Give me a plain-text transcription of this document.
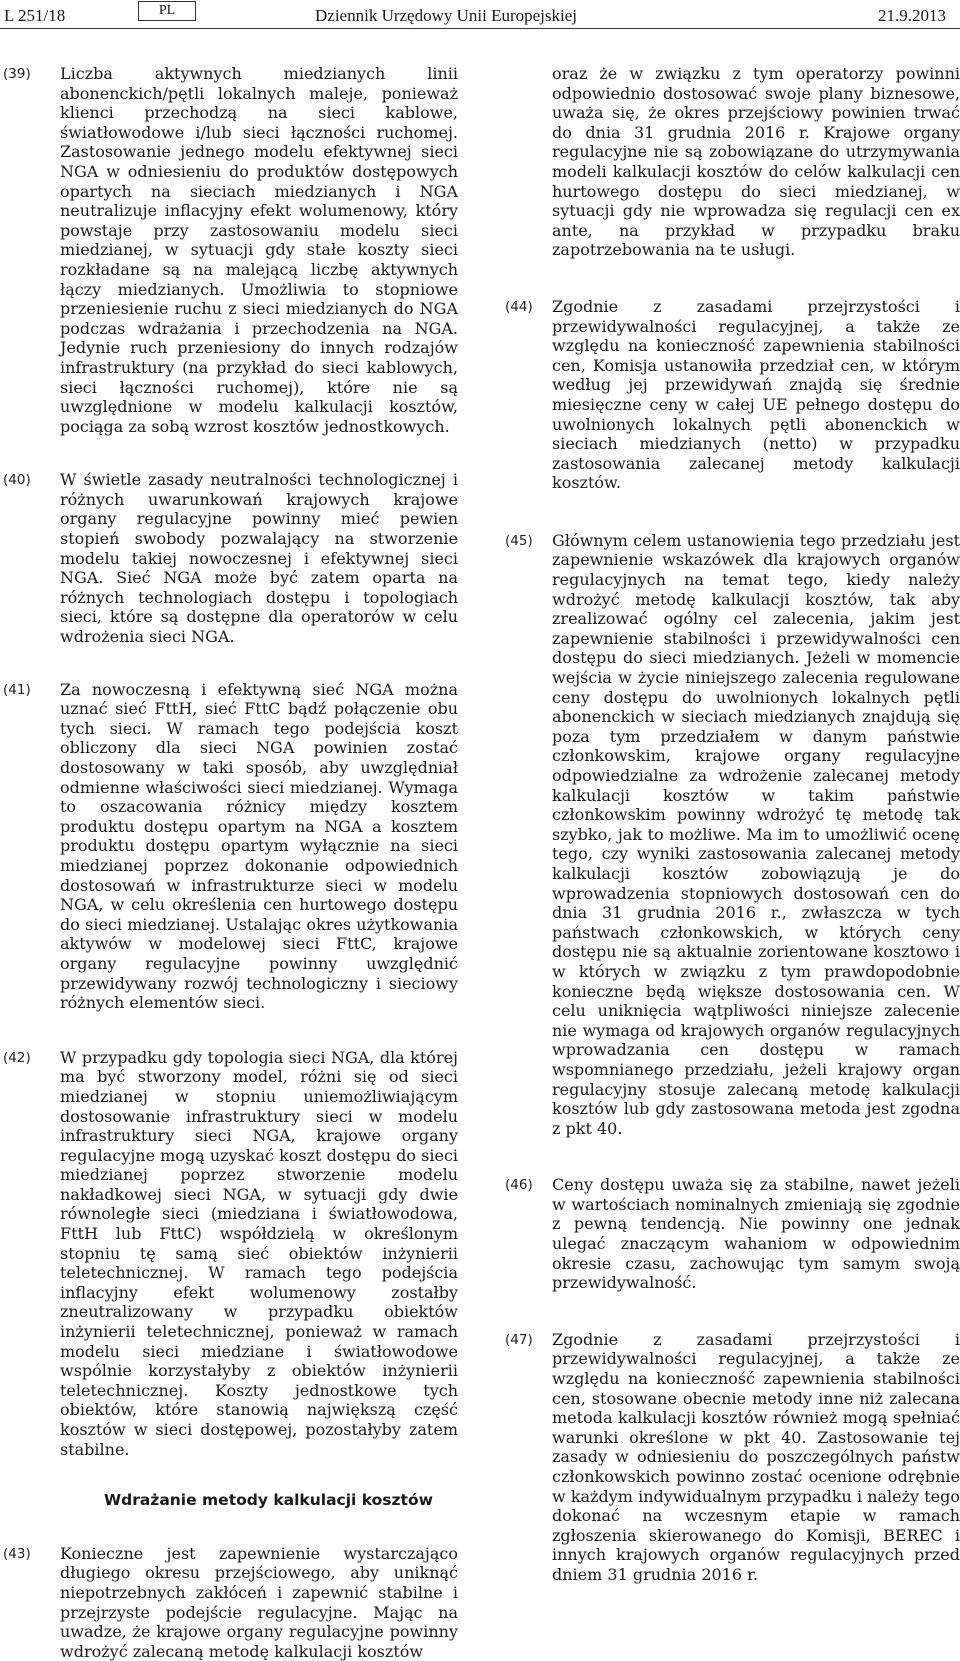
L 251/18	PL	Dziennik Urzędowy Unii Europejskiej	21.9.2013

(39) Liczba aktywnych miedzianych linii abonenckich/pętli lokalnych maleje, ponieważ klienci przechodzą na sieci kablowe, światłowodowe i/lub sieci łączności ruchomej. Zastosowanie jednego modelu efektywnej sieci NGA w odniesieniu do produktów dostępowych opartych na sieciach miedzianych i NGA neutralizuje inflacyjny efekt wolumenowy, który powstaje przy zastosowaniu modelu sieci miedzianej, w sytuacji gdy stałe koszty sieci rozkładane są na malejącą liczbę aktywnych łączy miedzianych. Umożliwia to stopniowe przeniesienie ruchu z sieci miedzianych do NGA podczas wdrażania i przechodzenia na NGA. Jedynie ruch przeniesiony do innych rodzajów infrastruktury (na przykład do sieci kablowych, sieci łączności ruchomej), które nie są uwzględnione w modelu kalkulacji kosztów, pociąga za sobą wzrost kosztów jednostkowych.

(40) W świetle zasady neutralności technologicznej i różnych uwarunkowań krajowych krajowe organy regulacyjne powinny mieć pewien stopień swobody pozwalający na stworzenie modelu takiej nowoczesnej i efektywnej sieci NGA. Sieć NGA może być zatem oparta na różnych technologiach dostępu i topologiach sieci, które są dostępne dla operatorów w celu wdrożenia sieci NGA.

(41) Za nowoczesną i efektywną sieć NGA można uznać sieć FttH, sieć FttC bądź połączenie obu tych sieci. W ramach tego podejścia koszt obliczony dla sieci NGA powinien zostać dostosowany w taki sposób, aby uwzględniał odmienne właściwości sieci miedzianej. Wymaga to oszacowania różnicy między kosztem produktu dostępu opartym na NGA a kosztem produktu dostępu opartym wyłącznie na sieci miedzianej poprzez dokonanie odpowiednich dostosowań w infrastrukturze sieci w modelu NGA, w celu określenia cen hurtowego dostępu do sieci miedzianej. Ustalając okres użytkowania aktywów w modelowej sieci FttC, krajowe organy regulacyjne powinny uwzględnić przewidywany rozwój technologiczny i sieciowy różnych elementów sieci.

(42) W przypadku gdy topologia sieci NGA, dla której ma być stworzony model, różni się od sieci miedzianej w stopniu uniemożliwiającym dostosowanie infrastruktury sieci w modelu infrastruktury sieci NGA, krajowe organy regulacyjne mogą uzyskać koszt dostępu do sieci miedzianej poprzez stworzenie modelu nakładkowej sieci NGA, w sytuacji gdy dwie równoległe sieci (miedziana i światłowodowa, FttH lub FttC) współdzielą w określonym stopniu tę samą sieć obiektów inżynierii teletechnicznej. W ramach tego podejścia inflacyjny efekt wolumenowy zostałby zneutralizowany w przypadku obiektów inżynierii teletechnicznej, ponieważ w ramach modelu sieci miedziane i światłowodowe wspólnie korzystałyby z obiektów inżynierii teletechnicznej. Koszty jednostkowe tych obiektów, które stanowią największą część kosztów w sieci dostępowej, pozostałyby zatem stabilne.

Wdrażanie metody kalkulacji kosztów

(43) Konieczne jest zapewnienie wystarczająco długiego okresu przejściowego, aby uniknąć niepotrzebnych zakłóceń i zapewnić stabilne i przejrzyste podejście regulacyjne. Mając na uwadze, że krajowe organy regulacyjne powinny wdrożyć zalecaną metodę kalkulacji kosztów

oraz że w związku z tym operatorzy powinni odpowiednio dostosować swoje plany biznesowe, uważa się, że okres przejściowy powinien trwać do dnia 31 grudnia 2016 r. Krajowe organy regulacyjne nie są zobowiązane do utrzymywania modeli kalkulacji kosztów do celów kalkulacji cen hurtowego dostępu do sieci miedzianej, w sytuacji gdy nie wprowadza się regulacji cen ex ante, na przykład w przypadku braku zapotrzebowania na te usługi.

(44) Zgodnie z zasadami przejrzystości i przewidywalności regulacyjnej, a także ze względu na konieczność zapewnienia stabilności cen, Komisja ustanowiła przedział cen, w którym według jej przewidywań znajdą się średnie miesięczne ceny w całej UE pełnego dostępu do uwolnionych lokalnych pętli abonenckich w sieciach miedzianych (netto) w przypadku zastosowania zalecanej metody kalkulacji kosztów.

(45) Głównym celem ustanowienia tego przedziału jest zapewnienie wskazówek dla krajowych organów regulacyjnych na temat tego, kiedy należy wdrożyć metodę kalkulacji kosztów, tak aby zrealizować ogólny cel zalecenia, jakim jest zapewnienie stabilności i przewidywalności cen dostępu do sieci miedzianych. Jeżeli w momencie wejścia w życie niniejszego zalecenia regulowane ceny dostępu do uwolnionych lokalnych pętli abonenckich w sieciach miedzianych znajdują się poza tym przedziałem w danym państwie członkowskim, krajowe organy regulacyjne odpowiedzialne za wdrożenie zalecanej metody kalkulacji kosztów w takim państwie członkowskim powinny wdrożyć tę metodę tak szybko, jak to możliwe. Ma im to umożliwić ocenę tego, czy wyniki zastosowania zalecanej metody kalkulacji kosztów zobowiązują je do wprowadzenia stopniowych dostosowań cen do dnia 31 grudnia 2016 r., zwłaszcza w tych państwach członkowskich, w których ceny dostępu nie są aktualnie zorientowane kosztowo i w których w związku z tym prawdopodobnie konieczne będą większe dostosowania cen. W celu uniknięcia wątpliwości niniejsze zalecenie nie wymaga od krajowych organów regulacyjnych wprowadzania cen dostępu w ramach wspomnianego przedziału, jeżeli krajowy organ regulacyjny stosuje zalecaną metodę kalkulacji kosztów lub gdy zastosowana metoda jest zgodna z pkt 40.

(46) Ceny dostępu uważa się za stabilne, nawet jeżeli w wartościach nominalnych zmieniają się zgodnie z pewną tendencją. Nie powinny one jednak ulegać znaczącym wahaniom w odpowiednim okresie czasu, zachowując tym samym swoją przewidywalność.

(47) Zgodnie z zasadami przejrzystości i przewidywalności regulacyjnej, a także ze względu na konieczność zapewnienia stabilności cen, stosowane obecnie metody inne niż zalecana metoda kalkulacji kosztów również mogą spełniać warunki określone w pkt 40. Zastosowanie tej zasady w odniesieniu do poszczególnych państw członkowskich powinno zostać ocenione odrębnie w każdym indywidualnym przypadku i należy tego dokonać na wczesnym etapie w ramach zgłoszenia skierowanego do Komisji, BEREC i innych krajowych organów regulacyjnych przed dniem 31 grudnia 2016 r.
